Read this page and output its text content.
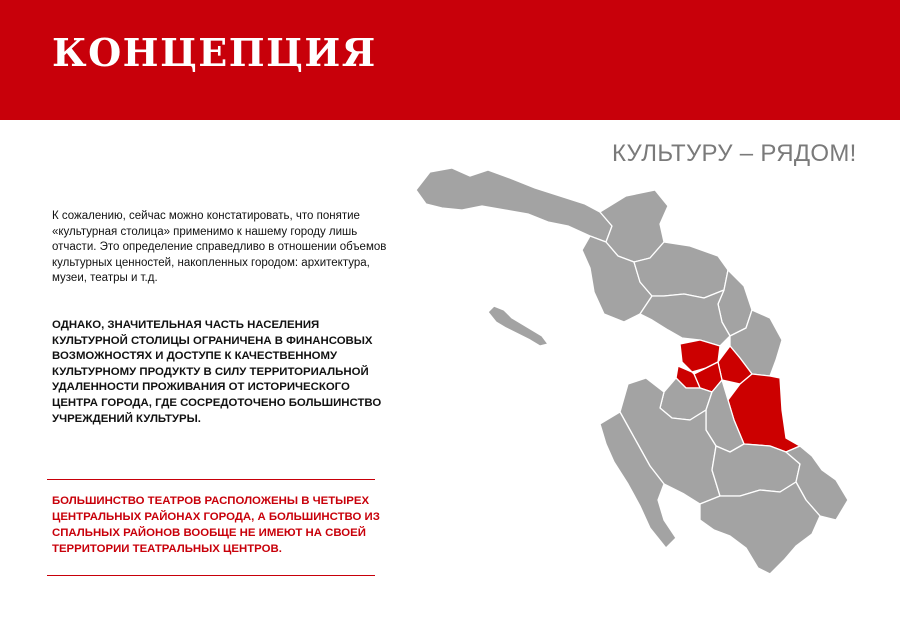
КОНЦЕПЦИЯ

КУЛЬТУРУ – РЯДОМ!

К сожалению, сейчас можно констатировать, что понятие «культурная столица» применимо к нашему городу лишь отчасти. Это определение справедливо в отношении объемов культурных ценностей, накопленных городом: архитектура, музеи, театры и т.д.

ОДНАКО, ЗНАЧИТЕЛЬНАЯ ЧАСТЬ НАСЕЛЕНИЯ КУЛЬТУРНОЙ СТОЛИЦЫ ОГРАНИЧЕНА В ФИНАНСОВЫХ ВОЗМОЖНОСТЯХ И ДОСТУПЕ К КАЧЕСТВЕННОМУ КУЛЬТУРНОМУ ПРОДУКТУ В СИЛУ ТЕРРИТОРИАЛЬНОЙ УДАЛЕННОСТИ ПРОЖИВАНИЯ ОТ ИСТОРИЧЕСКОГО ЦЕНТРА ГОРОДА, ГДЕ СОСРЕДОТОЧЕНО БОЛЬШИНСТВО УЧРЕЖДЕНИЙ КУЛЬТУРЫ.

БОЛЬШИНСТВО ТЕАТРОВ РАСПОЛОЖЕНЫ В ЧЕТЫРЕХ ЦЕНТРАЛЬНЫХ РАЙОНАХ ГОРОДА, А БОЛЬШИНСТВО ИЗ СПАЛЬНЫХ РАЙОНОВ ВООБЩЕ НЕ ИМЕЮТ НА СВОЕЙ ТЕРРИТОРИИ ТЕАТРАЛЬНЫХ ЦЕНТРОВ.
